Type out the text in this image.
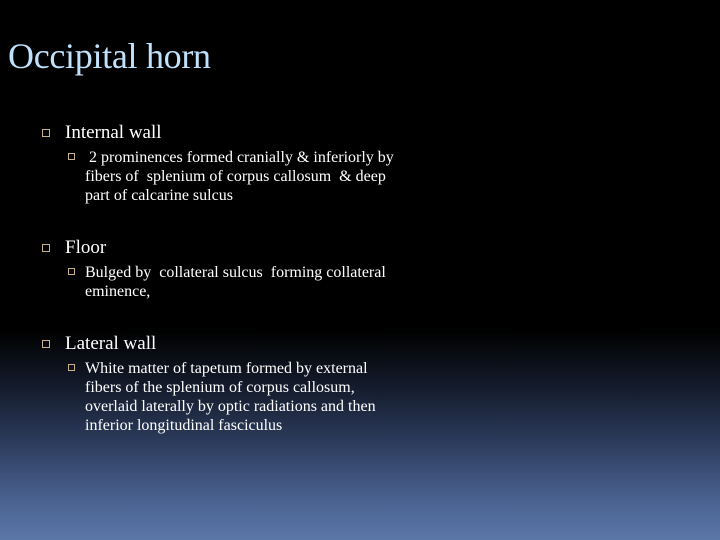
Occipital horn
Internal wall
2 prominences formed cranially & inferiorly by  fibers of  splenium of corpus callosum  & deep part of calcarine sulcus
Floor
Bulged by  collateral sulcus  forming collateral eminence,
Lateral wall
White matter of tapetum formed by external fibers of the splenium of corpus callosum, overlaid laterally by optic radiations and then inferior longitudinal fasciculus
